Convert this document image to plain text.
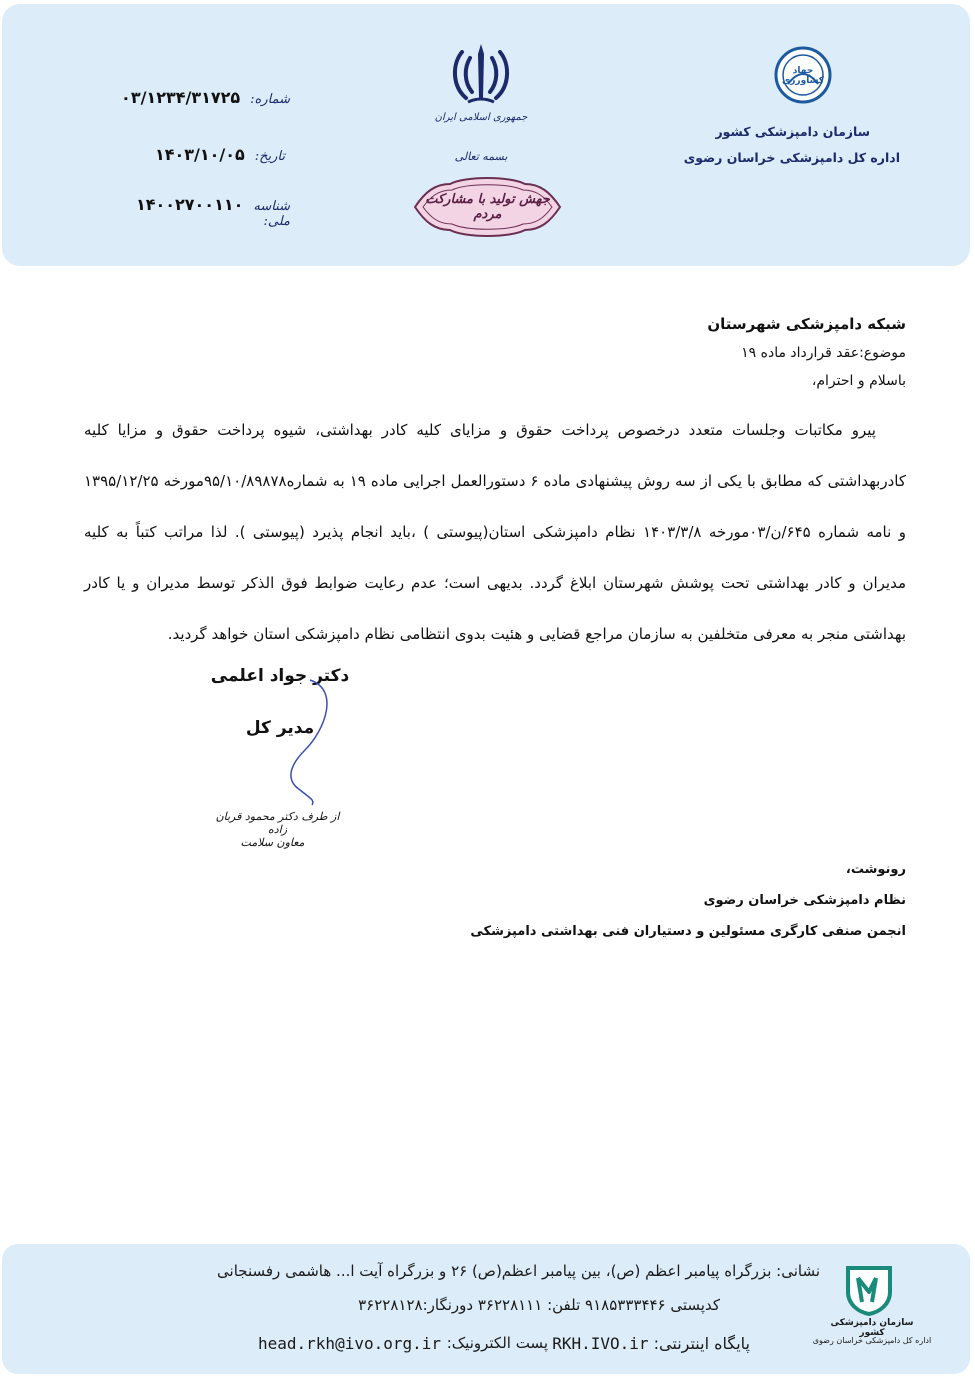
شماره:
۰۳/۱۲۳۴/۳۱۷۲۵
تاریخ:
۱۴۰۳/۱۰/۰۵
شناسه ملی:
۱۴۰۰۲۷۰۰۱۱۰
جمهوری اسلامی ایران
بسمه تعالی
جهش تولید با مشارکت مردم
جهاد کشاورزی
سازمان دامپزشکی کشور
اداره کل دامپزشکی خراسان رضوی
شبکه دامپزشکی شهرستان
موضوع:عقد قرارداد ماده ۱۹
باسلام و احترام،

پیرو مکاتبات وجلسات متعدد درخصوص پرداخت حقوق و مزایای کلیه کادر بهداشتی، شیوه پرداخت حقوق و مزایا کلیه کادربهداشتی که مطابق با یکی از سه روش پیشنهادی ماده ۶ دستورالعمل اجرایی ماده ۱۹ به شماره۹۵/۱۰/۸۹۸۷۸مورخه ۱۳۹۵/۱۲/۲۵ و نامه شماره ۶۴۵/ن/۰۳مورخه ۱۴۰۳/۳/۸ نظام دامپزشکی استان(پیوستی ) ،باید انجام پذیرد (پیوستی ). لذا مراتب کتباً به کلیه مدیران و کادر بهداشتی تحت پوشش شهرستان ابلاغ گردد. بدیهی است؛ عدم رعایت ضوابط فوق الذکر توسط مدیران و یا کادر بهداشتی منجر به معرفی متخلفین به سازمان مراجع قضایی و هئیت بدوی انتظامی نظام دامپزشکی استان خواهد گردید.

دکتر جواد اعلمی
مدیر کل
از طرف دکتر محمود قربان زاده
معاون سلامت
رونوشت،
نظام دامپزشکی خراسان رضوی
انجمن صنفی کارگری مسئولین و دستیاران فنی بهداشتی دامپزشکی
نشانی: بزرگراه پیامبر اعظم (ص)، بین پیامبر اعظم(ص) ۲۶ و بزرگراه آیت ا... هاشمی رفسنجانی
کدپستی ۹۱۸۵۳۳۳۴۴۶ تلفن: ۳۶۲۲۸۱۱۱ دورنگار:۳۶۲۲۸۱۲۸
پایگاه اینترنتی: RKH.IVO.ir
پست الکترونیک:
head.rkh@ivo.org.ir
سازمان دامپزشکی کشور
اداره کل دامپزشکی خراسان رضوی
